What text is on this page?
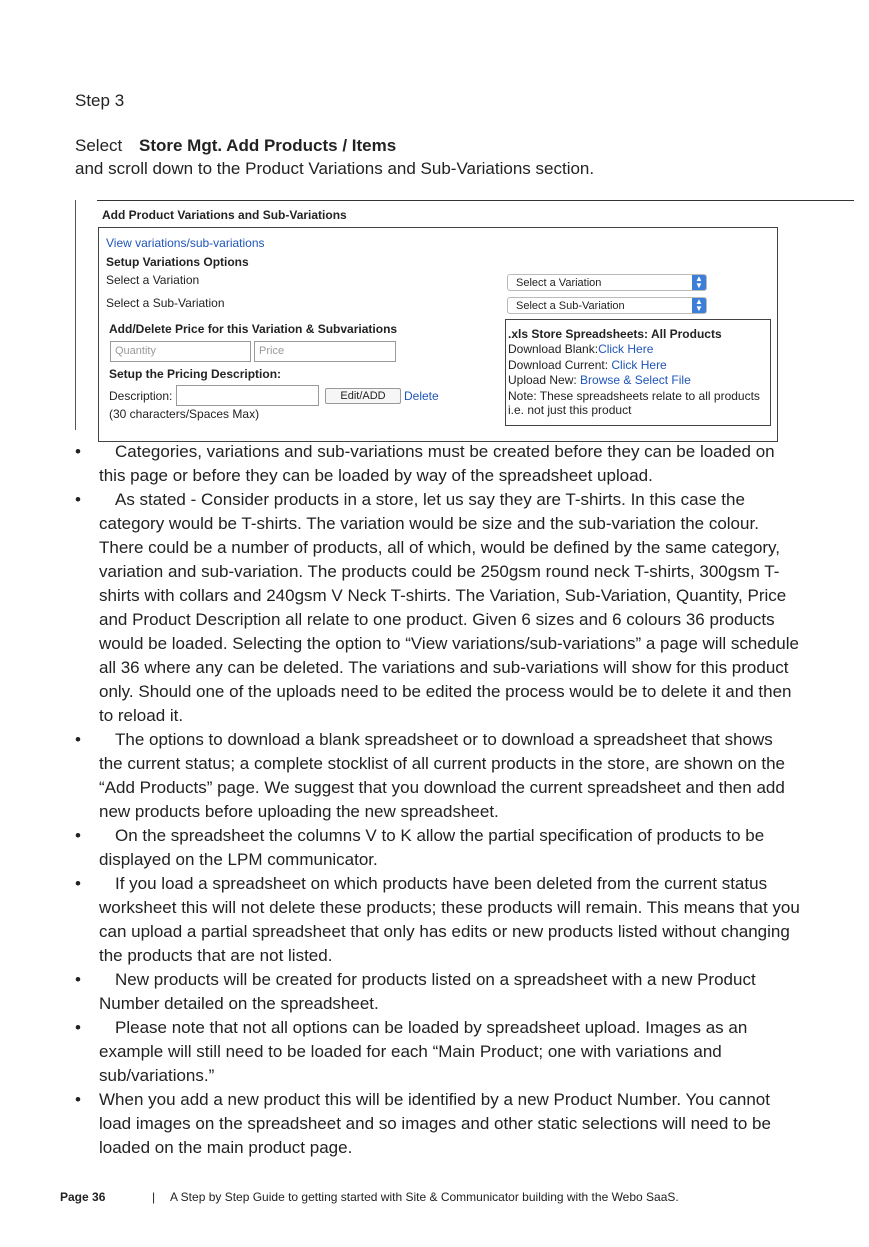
Step 3
Select Store Mgt. Add Products / Items
and scroll down to the Product Variations and Sub-Variations section.
Add Product Variations and Sub-Variations
View variations/sub-variations
Setup Variations Options
Select a Variation
Select a Sub-Variation
Select a Variation	▲
▼
Select a Sub-Variation	▲
▼
Add/Delete Price for this Variation & Subvariations
Quantity	Price
Setup the Pricing Description:
Description:	Edit/ADD	Delete
(30 characters/Spaces Max)
.xls Store Spreadsheets: All Products
Download Blank:Click Here
Download Current: Click Here
Upload New: Browse & Select File
Note: These spreadsheets relate to all products
i.e. not just this product
• Categories, variations and sub-variations must be created before they can be loaded on this page or before they can be loaded by way of the spreadsheet upload.
• As stated - Consider products in a store, let us say they are T-shirts. In this case the category would be T-shirts. The variation would be size and the sub-variation the colour. There could be a number of products, all of which, would be defined by the same category, variation and sub-variation. The products could be 250gsm round neck T-shirts, 300gsm T-shirts with collars and 240gsm V Neck T-shirts. The Variation, Sub-Variation, Quantity, Price and Product Description all relate to one product. Given 6 sizes and 6 colours 36 products would be loaded. Selecting the option to “View variations/sub-variations” a page will schedule all 36 where any can be deleted. The variations and sub-variations will show for this product only. Should one of the uploads need to be edited the process would be to delete it and then to reload it.
• The options to download a blank spreadsheet or to download a spreadsheet that shows the current status; a complete stocklist of all current products in the store, are shown on the “Add Products” page. We suggest that you download the current spreadsheet and then add new products before uploading the new spreadsheet.
• On the spreadsheet the columns V to K allow the partial specification of products to be displayed on the LPM communicator.
• If you load a spreadsheet on which products have been deleted from the current status worksheet this will not delete these products; these products will remain. This means that you can upload a partial spreadsheet that only has edits or new products listed without changing the products that are not listed.
• New products will be created for products listed on a spreadsheet with a new Product Number detailed on the spreadsheet.
• Please note that not all options can be loaded by spreadsheet upload. Images as an example will still need to be loaded for each “Main Product; one with variations and sub/variations.”
• When you add a new product this will be identified by a new Product Number. You cannot load images on the spreadsheet and so images and other static selections will need to be loaded on the main product page.
Page 36	| A Step by Step Guide to getting started with Site & Communicator building with the Webo SaaS.
